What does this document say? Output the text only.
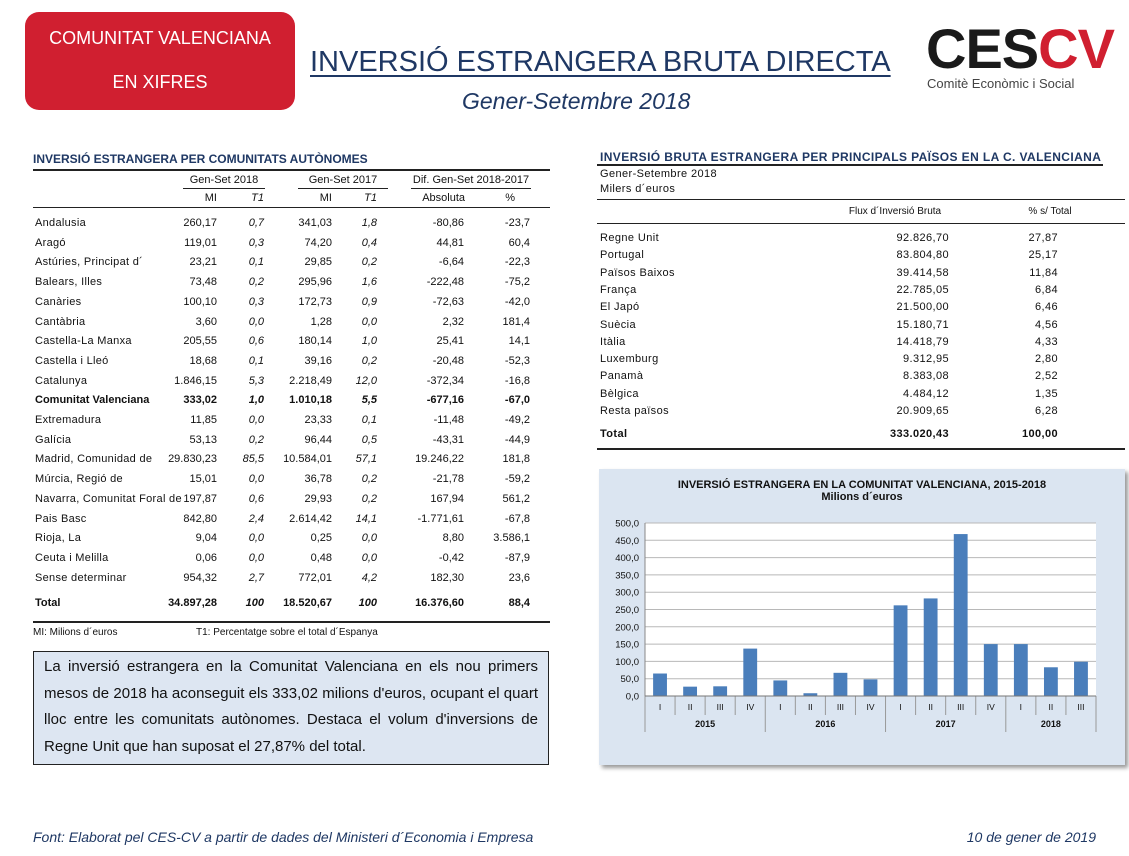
COMUNITAT VALENCIANA
EN XIFRES
INVERSIÓ ESTRANGERA BRUTA DIRECTA
Gener-Setembre 2018
CESCV
Comitè Econòmic i Social
INVERSIÓ ESTRANGERA PER COMUNITATS AUTÒNOMES
Gen-Set 2018	Gen-Set 2017	Dif. Gen-Set 2018-2017
MI	T1	MI	T1	Absoluta	%
Andalusia	260,17	0,7	341,03	1,8	-80,86	-23,7
Aragó	119,01	0,3	74,20	0,4	44,81	60,4
Astúries, Principat d´	23,21	0,1	29,85	0,2	-6,64	-22,3
Balears, Illes	73,48	0,2	295,96	1,6	-222,48	-75,2
Canàries	100,10	0,3	172,73	0,9	-72,63	-42,0
Cantàbria	3,60	0,0	1,28	0,0	2,32	181,4
Castella-La Manxa	205,55	0,6	180,14	1,0	25,41	14,1
Castella i Lleó	18,68	0,1	39,16	0,2	-20,48	-52,3
Catalunya	1.846,15	5,3 2.218,49 12,0	-372,34	-16,8
Comunitat Valenciana	333,02	1,0 1.010,18	5,5	-677,16	-67,0
Extremadura	11,85	0,0	23,33	0,1	-11,48	-49,2
Galícia	53,13	0,2	96,44	0,5	-43,31	-44,9
Madrid, Comunidad de 29.830,23 85,5 10.584,01 57,1	19.246,22	181,8
Múrcia, Regió de	15,01	0,0	36,78	0,2	-21,78	-59,2
Navarra, Comunitat Foral de 197,87	0,6	29,93	0,2	167,94	561,2
Pais Basc	842,80	2,4 2.614,42 14,1	-1.771,61	-67,8
Rioja, La	9,04	0,0	0,25	0,0	8,80	3.586,1
Ceuta i Melilla	0,06	0,0	0,48	0,0	-0,42	-87,9
Sense determinar	954,32	2,7	772,01	4,2	182,30	23,6
Total	34.897,28	100 18.520,67 100	16.376,60	88,4
MI: Milions d´euros	T1: Percentatge sobre el total d´Espanya

La inversió estrangera en la Comunitat Valenciana en els nou primers mesos de 2018 ha aconseguit els 333,02 milions d'euros, ocupant el quart lloc entre les comunitats autònomes. Destaca el volum d'inversions de Regne Unit que han suposat el 27,87% del total.

INVERSIÓ BRUTA ESTRANGERA PER PRINCIPALS PAÏSOS EN LA C. VALENCIANA
Gener-Setembre 2018
Milers d´euros
Flux d´Inversió Bruta	% s/ Total
Regne Unit	92.826,70	27,87
Portugal	83.804,80	25,17
Països Baixos	39.414,58	11,84
França	22.785,05	6,84
El Japó	21.500,00	6,46
Suècia	15.180,71	4,56
Itàlia	14.418,79	4,33
Luxemburg	9.312,95	2,80
Panamà	8.383,08	2,52
Bèlgica	4.484,12	1,35
Resta països	20.909,65	6,28
Total	333.020,43	100,00
INVERSIÓ ESTRANGERA EN LA COMUNITAT VALENCIANA, 2015-2018
Milions d´euros
0,0
50,0
100,0
150,0
200,0
250,0
300,0
350,0
400,0
450,0
500,0
I	II	III	IV	I	II	III	IV	I	II	III	IV	I	II	III
2015	2016	2017	2018
Font: Elaborat pel CES-CV a partir de dades del Ministeri d´Economia i Empresa	10 de gener de 2019
